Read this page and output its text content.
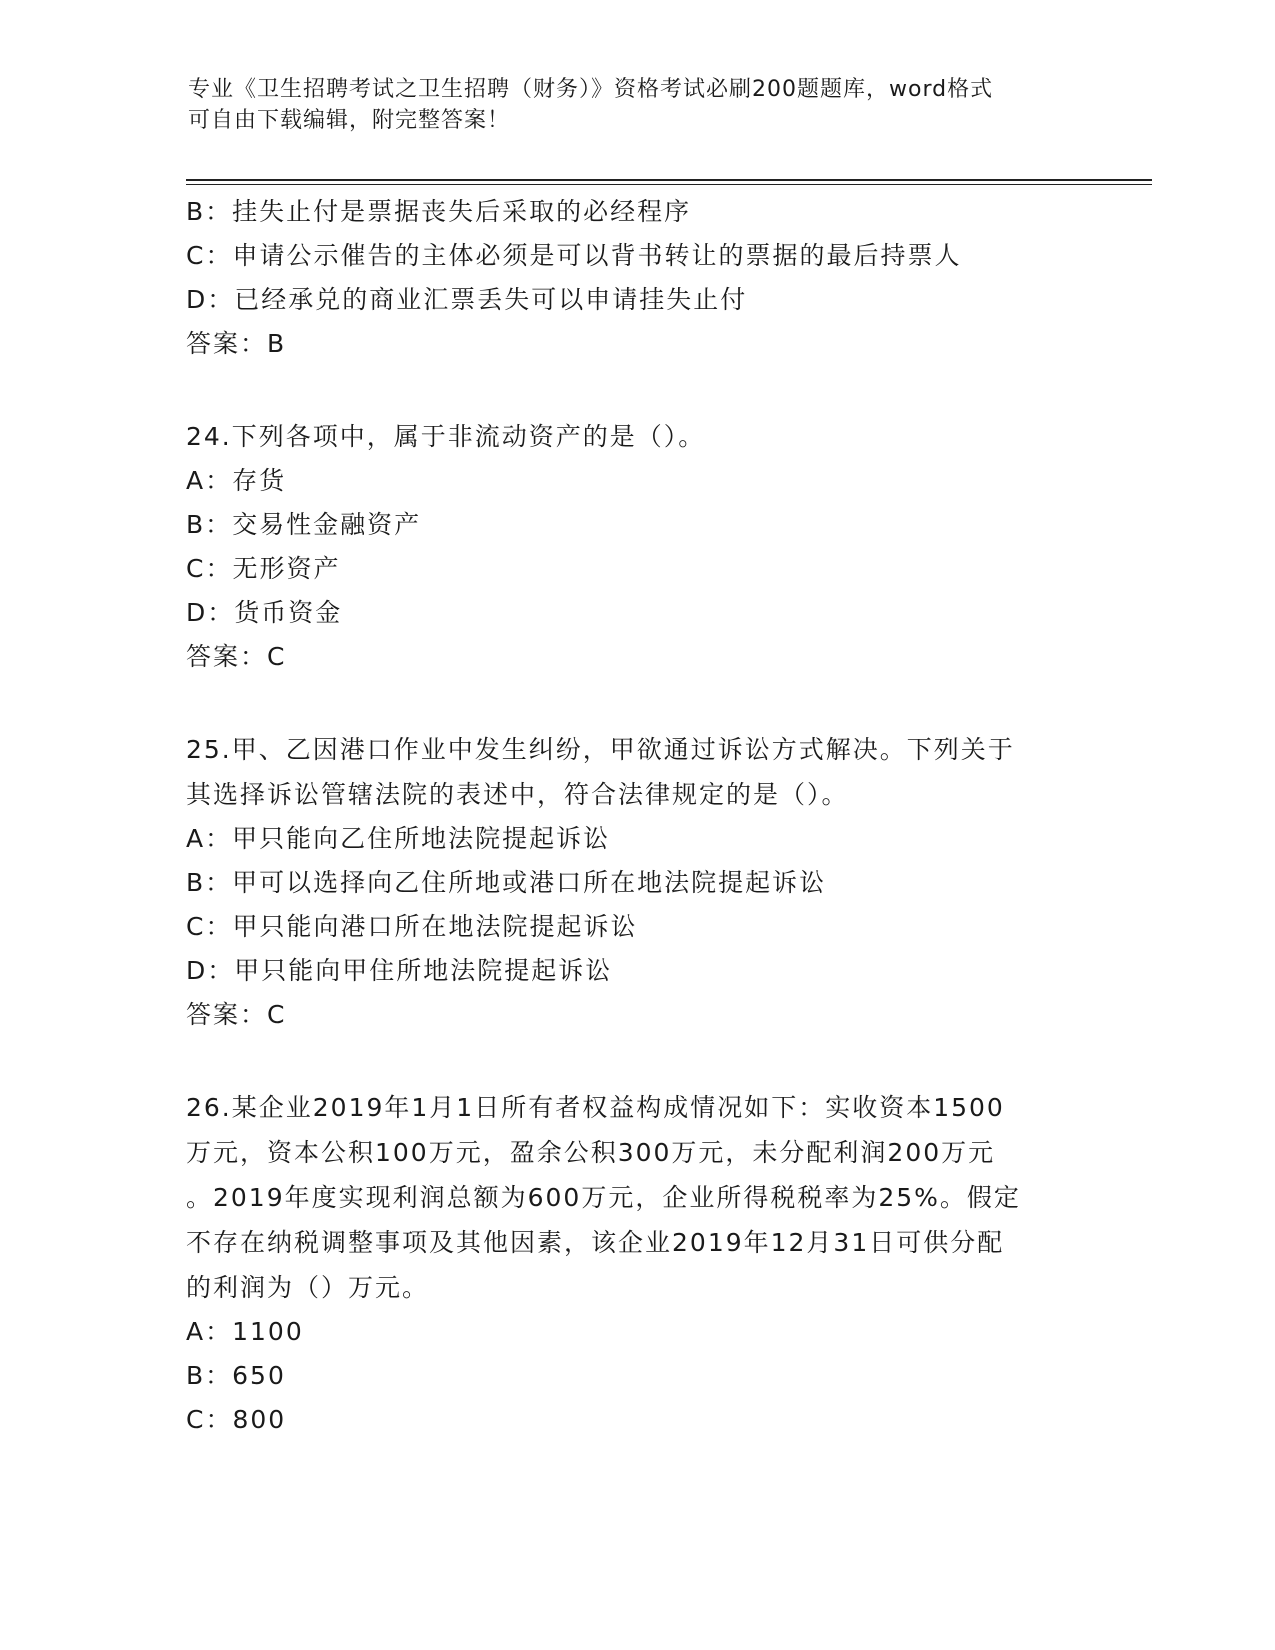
专业《卫生招聘考试之卫生招聘（财务）》资格考试必刷200题题库，word格式
可自由下载编辑，附完整答案！
B：挂失止付是票据丧失后采取的必经程序
C：申请公示催告的主体必须是可以背书转让的票据的最后持票人
D：已经承兑的商业汇票丢失可以申请挂失止付
答案：B
24.下列各项中，属于非流动资产的是（）。
A：存货
B：交易性金融资产
C：无形资产
D：货币资金
答案：C
25.甲、乙因港口作业中发生纠纷，甲欲通过诉讼方式解决。下列关于
其选择诉讼管辖法院的表述中，符合法律规定的是（）。
A：甲只能向乙住所地法院提起诉讼
B：甲可以选择向乙住所地或港口所在地法院提起诉讼
C：甲只能向港口所在地法院提起诉讼
D：甲只能向甲住所地法院提起诉讼
答案：C
26.某企业2019年1月1日所有者权益构成情况如下：实收资本1500
万元，资本公积100万元，盈余公积300万元，未分配利润200万元
。2019年度实现利润总额为600万元，企业所得税税率为25%。假定
不存在纳税调整事项及其他因素，该企业2019年12月31日可供分配
的利润为（）万元。
A：1100
B：650
C：800
